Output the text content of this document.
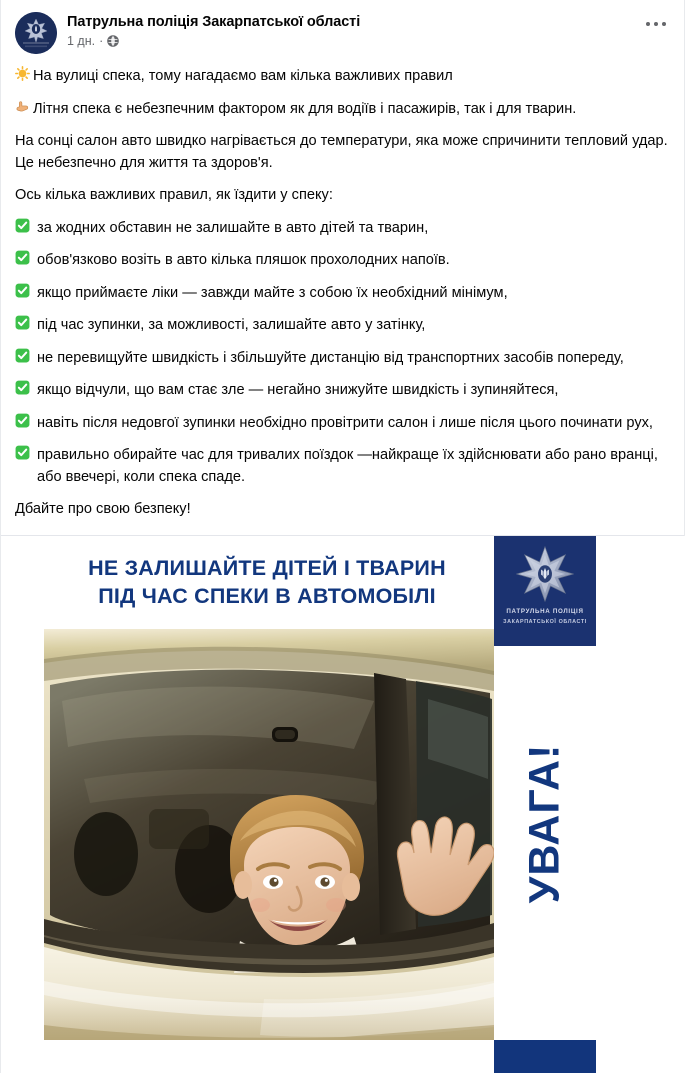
Патрульна поліція Закарпатської області
1 дн. ·
На вулиці спека, тому нагадаємо вам кілька важливих правил
Літня спека є небезпечним фактором як для водіїв і пасажирів, так і для тварин.
На сонці салон авто швидко нагрівається до температури, яка може спричинити тепловий удар. Це небезпечно для життя та здоров'я.
Ось кілька важливих правил, як їздити у спеку:
за жодних обставин не залишайте в авто дітей та тварин,
обов'язково возіть в авто кілька пляшок прохолодних напоїв.
якщо приймаєте ліки — завжди майте з собою їх необхідний мінімум,
під час зупинки, за можливості, залишайте авто у затінку,
не перевищуйте швидкість і збільшуйте дистанцію від транспортних засобів попереду,
якщо відчули, що вам стає зле — негайно знижуйте швидкість і зупиняйтеся,
навіть після недовгої зупинки необхідно провітрити салон і лише після цього починати рух,
правильно обирайте час для тривалих поїздок —найкраще їх здійснювати або рано вранці, або ввечері, коли спека спаде.
Дбайте про свою безпеку!
НЕ ЗАЛИШАЙТЕ ДІТЕЙ І ТВАРИН
ПІД ЧАС СПЕКИ В АВТОМОБІЛІ
ПАТРУЛЬНА ПОЛІЦІЯ
ЗАКАРПАТСЬКОЇ ОБЛАСТІ
УВАГА!
